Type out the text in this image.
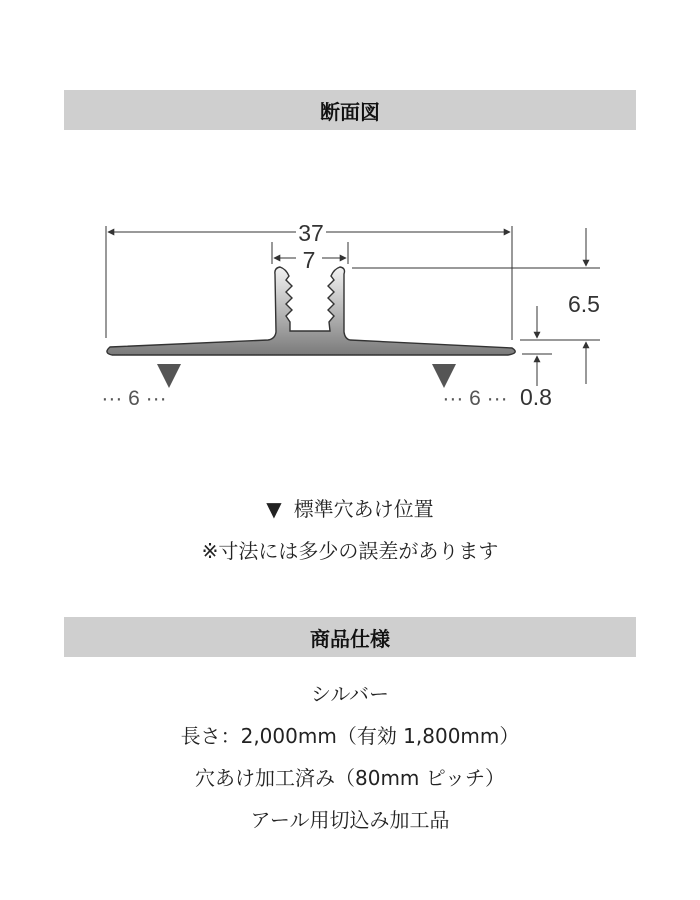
断面図
37
7
6.5
0.8
··· 6 ···	··· 6 ···
▼ 標準穴あけ位置
※寸法には多少の誤差があります
商品仕様
シルバー
長さ：2,000mm（有効 1,800mm）
穴あけ加工済み（80mm ピッチ）
アール用切込み加工品
